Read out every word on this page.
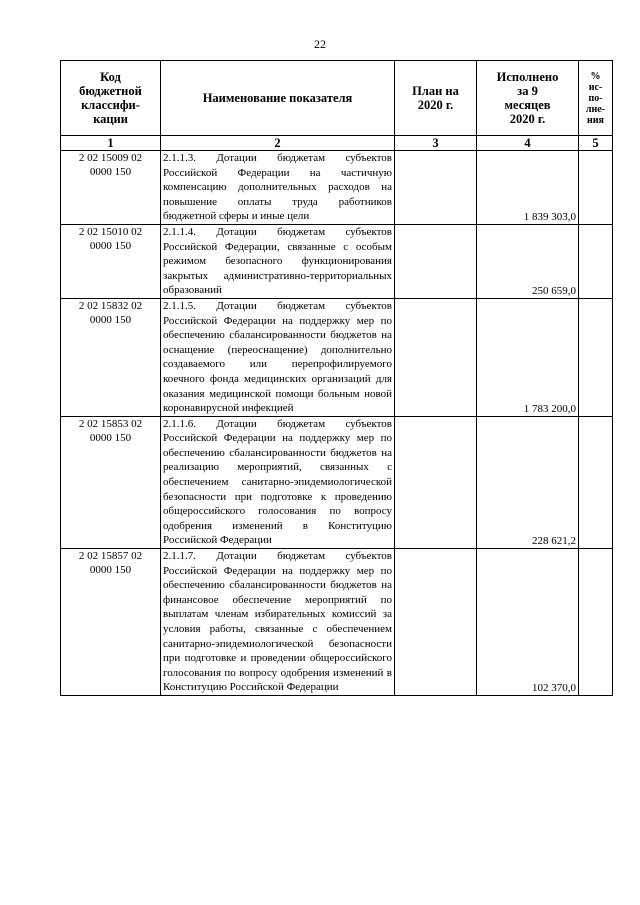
22
Код
бюджетной
классифи-
кации	Наименование показателя	План на
2020 г.	Исполнено
за 9
месяцев
2020 г.	%
ис-
по-
лне-
ния
1	2	3	4	5
2 02 15009 02
0000 150	2.1.1.3. Дотации бюджетам субъектов Российской Федерации на частичную компенсацию дополнительных расходов на повышение оплаты труда работников бюджетной сферы и иные цели		1 839 303,0	
2 02 15010 02
0000 150	2.1.1.4. Дотации бюджетам субъектов Российской Федерации, связанные с особым режимом безопасного функционирования закрытых административно-территориальных образований		250 659,0	
2 02 15832 02
0000 150	2.1.1.5. Дотации бюджетам субъектов Российской Федерации на поддержку мер по обеспечению сбалансированности бюджетов на оснащение (переоснащение) дополнительно создаваемого или перепрофилируемого коечного фонда медицинских организаций для оказания медицинской помощи больным новой коронавирусной инфекцией		1 783 200,0	
2 02 15853 02
0000 150	2.1.1.6. Дотации бюджетам субъектов Российской Федерации на поддержку мер по обеспечению сбалансированности бюджетов на реализацию мероприятий, связанных с обеспечением санитарно-эпидемиологической безопасности при подготовке к проведению общероссийского голосования по вопросу одобрения изменений в Конституцию Российской Федерации		228 621,2	
2 02 15857 02
0000 150	2.1.1.7. Дотации бюджетам субъектов Российской Федерации на поддержку мер по обеспечению сбалансированности бюджетов на финансовое обеспечение мероприятий по выплатам членам избирательных комиссий за условия работы, связанные с обеспечением санитарно-эпидемиологической безопасности при подготовке и проведении общероссийского голосования по вопросу одобрения изменений в Конституцию Российской Федерации		102 370,0	
